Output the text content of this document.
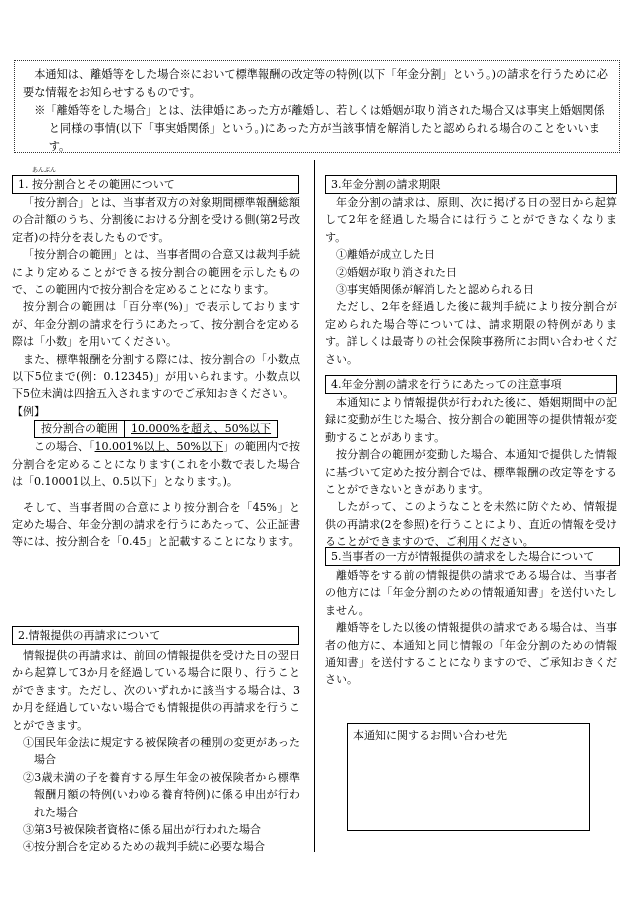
本通知は、離婚等をした場合※において標準報酬の改定等の特例(以下「年金分割」という。)の請求を行うために必要な情報をお知らせするものです。

※「離婚等をした場合」とは、法律婚にあった方が離婚し、若しくは婚姻が取り消された場合又は事実上婚姻関係と同様の事情(以下「事実婚関係」という。)にあった方が当該事情を解消したと認められる場合のことをいいます。

1.
あんぶん
按分割合とその範囲について

「按分割合」とは、当事者双方の対象期間標準報酬総額の合計額のうち、分割後における分割を受ける側(第2号改定者)の持分を表したものです。

「按分割合の範囲」とは、当事者間の合意又は裁判手続により定めることができる按分割合の範囲を示したもので、この範囲内で按分割合を定めることになります。

按分割合の範囲は「百分率(%)」で表示しておりますが、年金分割の請求を行うにあたって、按分割合を定める際は「小数」を用いてください。

また、標準報酬を分割する際には、按分割合の「小数点以下5位まで(例：0.12345)」が用いられます。小数点以下5位未満は四捨五入されますのでご承知おきください。

【例】

按分割合の範囲	10.000%を超え、50%以下

この場合、「10.001%以上、50%以下」の範囲内で按分割合を定めることになります(これを小数で表した場合は「0.10001以上、0.5以下」となります。)。

そして、当事者間の合意により按分割合を「45%」と定めた場合、年金分割の請求を行うにあたって、公正証書等には、按分割合を「0.45」と記載することになります。

2.情報提供の再請求について

情報提供の再請求は、前回の情報提供を受けた日の翌日から起算して3か月を経過している場合に限り、行うことができます。ただし、次のいずれかに該当する場合は、3か月を経過していない場合でも情報提供の再請求を行うことができます。

①国民年金法に規定する被保険者の種別の変更があった場合

②3歳未満の子を養育する厚生年金の被保険者から標準報酬月額の特例(いわゆる養育特例)に係る申出が行われた場合

③第3号被保険者資格に係る届出が行われた場合

④按分割合を定めるための裁判手続に必要な場合

3.年金分割の請求期限

年金分割の請求は、原則、次に掲げる日の翌日から起算して2年を経過した場合には行うことができなくなります。

①離婚が成立した日

②婚姻が取り消された日

③事実婚関係が解消したと認められる日

ただし、2年を経過した後に裁判手続により按分割合が定められた場合等については、請求期限の特例があります。詳しくは最寄りの社会保険事務所にお問い合わせください。

4.年金分割の請求を行うにあたっての注意事項

本通知により情報提供が行われた後に、婚姻期間中の記録に変動が生じた場合、按分割合の範囲等の提供情報が変動することがあります。

按分割合の範囲が変動した場合、本通知で提供した情報に基づいて定めた按分割合では、標準報酬の改定等をすることができないときがあります。

したがって、このようなことを未然に防ぐため、情報提供の再請求(2を参照)を行うことにより、直近の情報を受けることができますので、ご利用ください。

5.当事者の一方が情報提供の請求をした場合について

離婚等をする前の情報提供の請求である場合は、当事者の他方には「年金分割のための情報通知書」を送付いたしません。

離婚等をした以後の情報提供の請求である場合は、当事者の他方に、本通知と同じ情報の「年金分割のための情報通知書」を送付することになりますので、ご承知おきください。

本通知に関するお問い合わせ先
